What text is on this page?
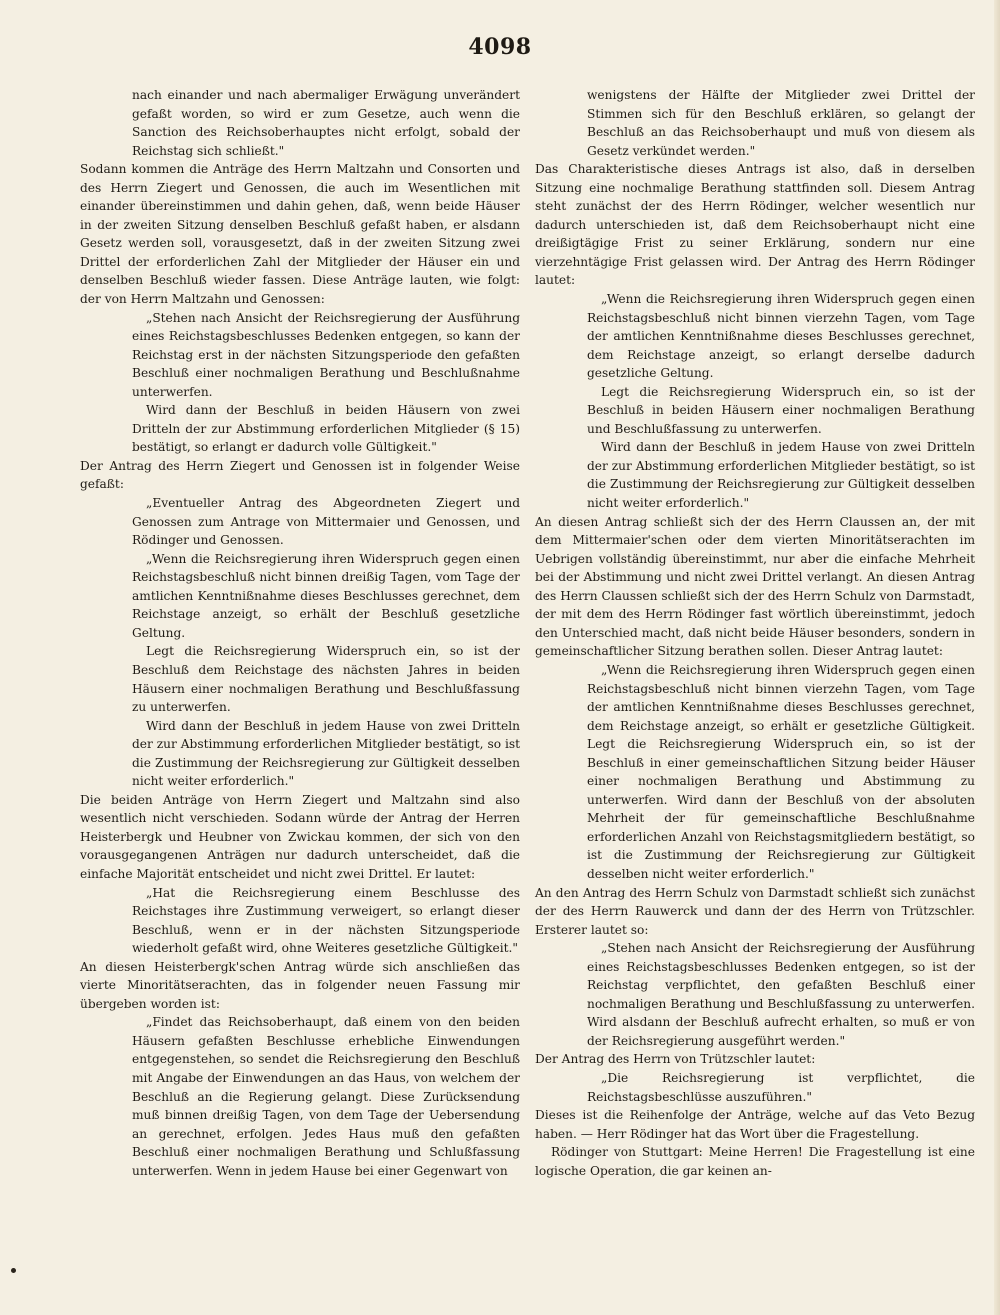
4098

nach einander und nach abermaliger Erwägung unverändert gefaßt worden, so wird er zum Gesetze, auch wenn die Sanction des Reichsoberhauptes nicht erfolgt, sobald der Reichstag sich schließt."

Sodann kommen die Anträge des Herrn Maltzahn und Consorten und des Herrn Ziegert und Genossen, die auch im Wesentlichen mit einander übereinstimmen und dahin gehen, daß, wenn beide Häuser in der zweiten Sitzung denselben Beschluß gefaßt haben, er alsdann Gesetz werden soll, vorausgesetzt, daß in der zweiten Sitzung zwei Drittel der erforderlichen Zahl der Mitglieder der Häuser ein und denselben Beschluß wieder fassen. Diese Anträge lauten, wie folgt: der von Herrn Maltzahn und Genossen:

„Stehen nach Ansicht der Reichsregierung der Ausführung eines Reichstagsbeschlusses Bedenken entgegen, so kann der Reichstag erst in der nächsten Sitzungsperiode den gefaßten Beschluß einer nochmaligen Berathung und Beschlußnahme unterwerfen.

Wird dann der Beschluß in beiden Häusern von zwei Dritteln der zur Abstimmung erforderlichen Mitglieder (§ 15) bestätigt, so erlangt er dadurch volle Gültigkeit."

Der Antrag des Herrn Ziegert und Genossen ist in folgender Weise gefaßt:

„Eventueller Antrag des Abgeordneten Ziegert und Genossen zum Antrage von Mittermaier und Genossen, und Rödinger und Genossen.

„Wenn die Reichsregierung ihren Widerspruch gegen einen Reichstagsbeschluß nicht binnen dreißig Tagen, vom Tage der amtlichen Kenntnißnahme dieses Beschlusses gerechnet, dem Reichstage anzeigt, so erhält der Beschluß gesetzliche Geltung.

Legt die Reichsregierung Widerspruch ein, so ist der Beschluß dem Reichstage des nächsten Jahres in beiden Häusern einer nochmaligen Berathung und Beschlußfassung zu unterwerfen.

Wird dann der Beschluß in jedem Hause von zwei Dritteln der zur Abstimmung erforderlichen Mitglieder bestätigt, so ist die Zustimmung der Reichsregierung zur Gültigkeit desselben nicht weiter erforderlich."

Die beiden Anträge von Herrn Ziegert und Maltzahn sind also wesentlich nicht verschieden. Sodann würde der Antrag der Herren Heisterbergk und Heubner von Zwickau kommen, der sich von den vorausgegangenen Anträgen nur dadurch unterscheidet, daß die einfache Majorität entscheidet und nicht zwei Drittel. Er lautet:

„Hat die Reichsregierung einem Beschlusse des Reichstages ihre Zustimmung verweigert, so erlangt dieser Beschluß, wenn er in der nächsten Sitzungsperiode wiederholt gefaßt wird, ohne Weiteres gesetzliche Gültigkeit."

An diesen Heisterbergk'schen Antrag würde sich anschließen das vierte Minoritätserachten, das in folgender neuen Fassung mir übergeben worden ist:

„Findet das Reichsoberhaupt, daß einem von den beiden Häusern gefaßten Beschlusse erhebliche Einwendungen entgegenstehen, so sendet die Reichsregierung den Beschluß mit Angabe der Einwendungen an das Haus, von welchem der Beschluß an die Regierung gelangt. Diese Zurücksendung muß binnen dreißig Tagen, von dem Tage der Uebersendung an gerechnet, erfolgen. Jedes Haus muß den gefaßten Beschluß einer nochmaligen Berathung und Schlußfassung unterwerfen. Wenn in jedem Hause bei einer Gegenwart von

wenigstens der Hälfte der Mitglieder zwei Drittel der Stimmen sich für den Beschluß erklären, so gelangt der Beschluß an das Reichsoberhaupt und muß von diesem als Gesetz verkündet werden."

Das Charakteristische dieses Antrags ist also, daß in derselben Sitzung eine nochmalige Berathung stattfinden soll. Diesem Antrag steht zunächst der des Herrn Rödinger, welcher wesentlich nur dadurch unterschieden ist, daß dem Reichsoberhaupt nicht eine dreißigtägige Frist zu seiner Erklärung, sondern nur eine vierzehntägige Frist gelassen wird. Der Antrag des Herrn Rödinger lautet:

„Wenn die Reichsregierung ihren Widerspruch gegen einen Reichstagsbeschluß nicht binnen vierzehn Tagen, vom Tage der amtlichen Kenntnißnahme dieses Beschlusses gerechnet, dem Reichstage anzeigt, so erlangt derselbe dadurch gesetzliche Geltung.

Legt die Reichsregierung Widerspruch ein, so ist der Beschluß in beiden Häusern einer nochmaligen Berathung und Beschlußfassung zu unterwerfen.

Wird dann der Beschluß in jedem Hause von zwei Dritteln der zur Abstimmung erforderlichen Mitglieder bestätigt, so ist die Zustimmung der Reichsregierung zur Gültigkeit desselben nicht weiter erforderlich."

An diesen Antrag schließt sich der des Herrn Claussen an, der mit dem Mittermaier'schen oder dem vierten Minoritätserachten im Uebrigen vollständig übereinstimmt, nur aber die einfache Mehrheit bei der Abstimmung und nicht zwei Drittel verlangt. An diesen Antrag des Herrn Claussen schließt sich der des Herrn Schulz von Darmstadt, der mit dem des Herrn Rödinger fast wörtlich übereinstimmt, jedoch den Unterschied macht, daß nicht beide Häuser besonders, sondern in gemeinschaftlicher Sitzung berathen sollen. Dieser Antrag lautet:

„Wenn die Reichsregierung ihren Widerspruch gegen einen Reichstagsbeschluß nicht binnen vierzehn Tagen, vom Tage der amtlichen Kenntnißnahme dieses Beschlusses gerechnet, dem Reichstage anzeigt, so erhält er gesetzliche Gültigkeit. Legt die Reichsregierung Widerspruch ein, so ist der Beschluß in einer gemeinschaftlichen Sitzung beider Häuser einer nochmaligen Berathung und Abstimmung zu unterwerfen. Wird dann der Beschluß von der absoluten Mehrheit der für gemeinschaftliche Beschlußnahme erforderlichen Anzahl von Reichstagsmitgliedern bestätigt, so ist die Zustimmung der Reichsregierung zur Gültigkeit desselben nicht weiter erforderlich."

An den Antrag des Herrn Schulz von Darmstadt schließt sich zunächst der des Herrn Rauwerck und dann der des Herrn von Trützschler. Ersterer lautet so:

„Stehen nach Ansicht der Reichsregierung der Ausführung eines Reichstagsbeschlusses Bedenken entgegen, so ist der Reichstag verpflichtet, den gefaßten Beschluß einer nochmaligen Berathung und Beschlußfassung zu unterwerfen. Wird alsdann der Beschluß aufrecht erhalten, so muß er von der Reichsregierung ausgeführt werden."

Der Antrag des Herrn von Trützschler lautet:

„Die Reichsregierung ist verpflichtet, die Reichstagsbeschlüsse auszuführen."

Dieses ist die Reihenfolge der Anträge, welche auf das Veto Bezug haben. — Herr Rödinger hat das Wort über die Fragestellung.

Rödinger von Stuttgart: Meine Herren! Die Fragestellung ist eine logische Operation, die gar keinen an-
